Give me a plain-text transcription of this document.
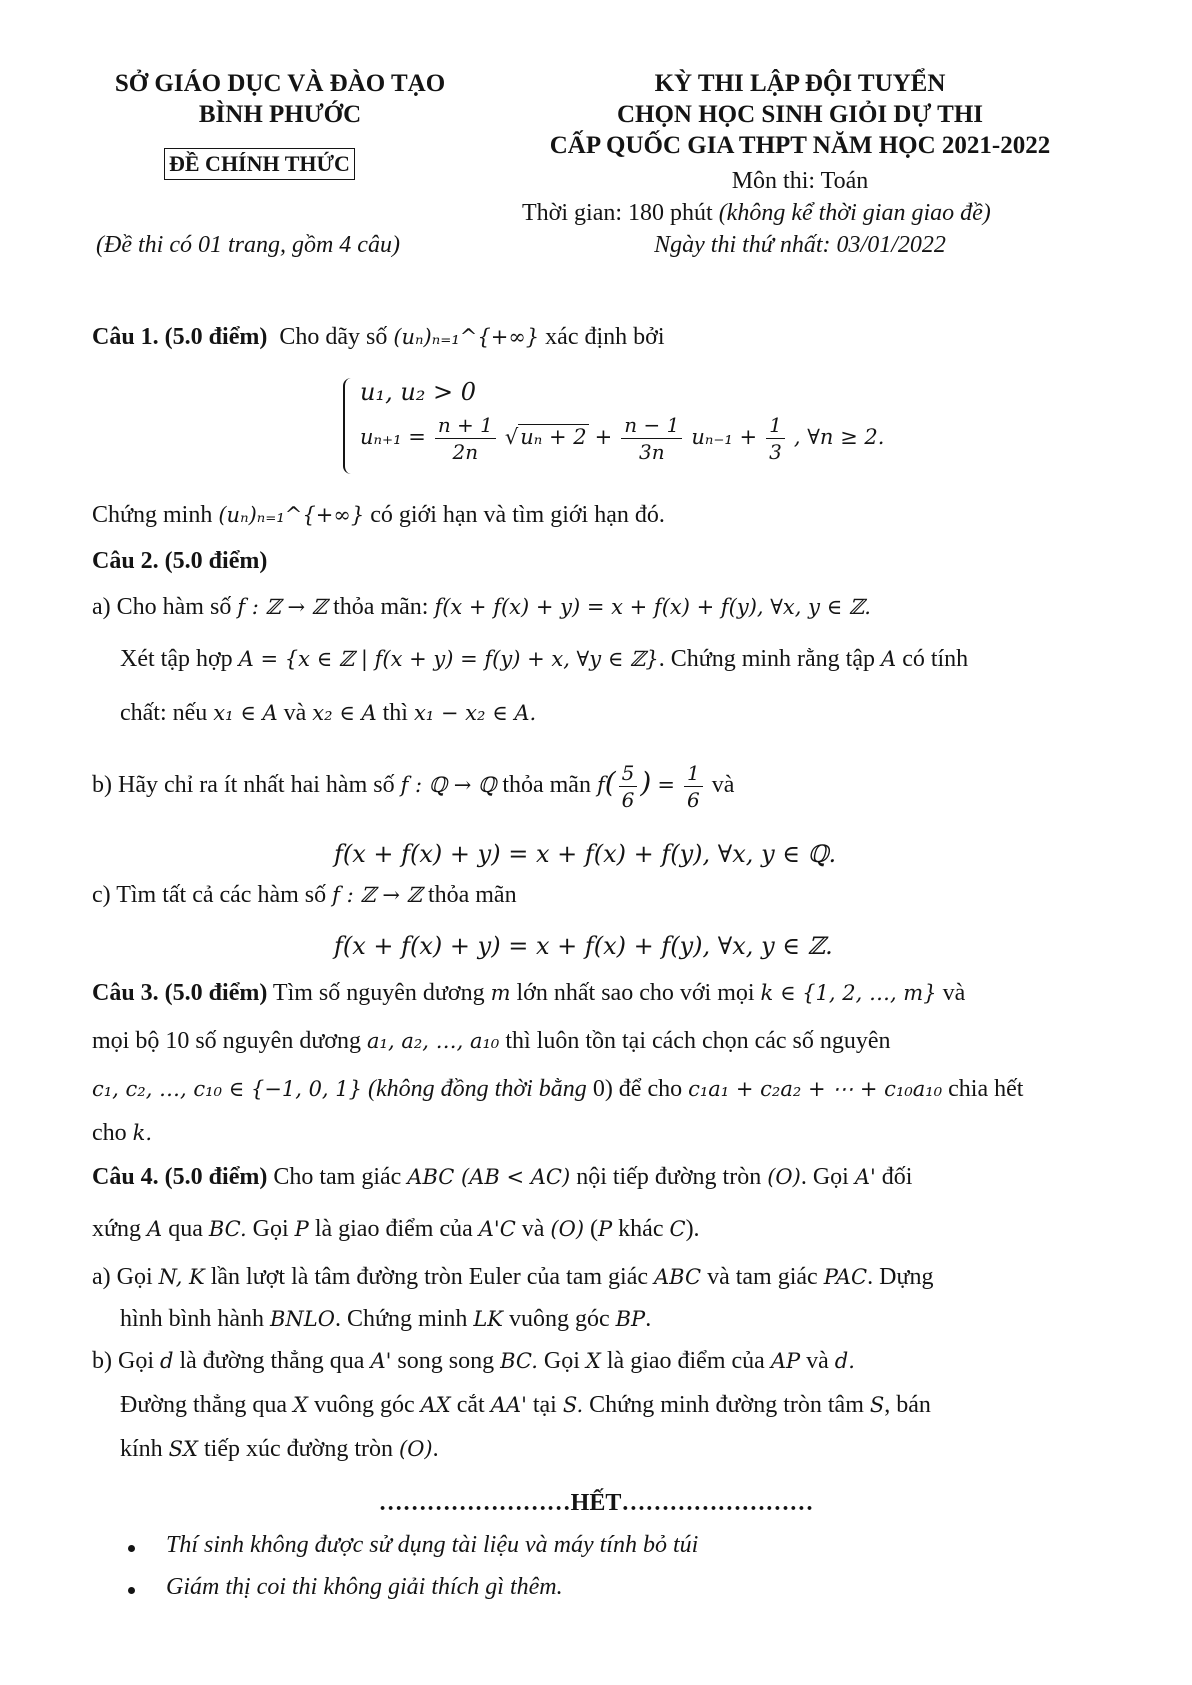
SỞ GIÁO DỤC VÀ ĐÀO TẠO
BÌNH PHƯỚC
ĐỀ CHÍNH THỨC
(Đề thi có 01 trang, gồm 4 câu)
KỲ THI LẬP ĐỘI TUYỂN
CHỌN HỌC SINH GIỎI DỰ THI
CẤP QUỐC GIA THPT NĂM HỌC 2021-2022
Môn thi: Toán
Thời gian: 180 phút (không kể thời gian giao đề)
Ngày thi thứ nhất: 03/01/2022
Câu 1. (5.0 điểm) Cho dãy số (uₙ)ₙ₌₁^{+∞} xác định bởi
u₁, u₂ > 0
$u_{n+1} = \frac{n + 1}{2n} √u_n + 2 + \frac{n - 1}{3n} u_{n-1} + \frac{1}{3}$ , ∀n ≥ 2.
Chứng minh (uₙ)ₙ₌₁^{+∞} có giới hạn và tìm giới hạn đó.
Câu 2. (5.0 điểm)
a) Cho hàm số f : ℤ → ℤ thỏa mãn: f(x + f(x) + y) = x + f(x) + f(y), ∀x, y ∈ ℤ.
Xét tập hợp A = {x ∈ ℤ | f(x + y) = f(y) + x, ∀y ∈ ℤ}. Chứng minh rằng tập A có tính
chất: nếu x₁ ∈ A và x₂ ∈ A thì x₁ − x₂ ∈ A.
b) Hãy chỉ ra ít nhất hai hàm số f : ℚ → ℚ thỏa mãn $f( \frac{5}{6}$ ) = $\frac{1}{6}$ và
f(x + f(x) + y) = x + f(x) + f(y), ∀x, y ∈ ℚ.
c) Tìm tất cả các hàm số f : ℤ → ℤ thỏa mãn
f(x + f(x) + y) = x + f(x) + f(y), ∀x, y ∈ ℤ.
Câu 3. (5.0 điểm) Tìm số nguyên dương m lớn nhất sao cho với mọi k ∈ {1, 2, …, m} và
mọi bộ 10 số nguyên dương a₁, a₂, …, a₁₀ thì luôn tồn tại cách chọn các số nguyên
c₁, c₂, …, c₁₀ ∈ {−1, 0, 1} (không đồng thời bằng 0) để cho c₁a₁ + c₂a₂ + ⋯ + c₁₀a₁₀ chia hết
cho k.
Câu 4. (5.0 điểm) Cho tam giác ABC (AB < AC) nội tiếp đường tròn (O). Gọi A' đối
xứng A qua BC. Gọi P là giao điểm của A'C và (O) (P khác C).
a) Gọi N, K lần lượt là tâm đường tròn Euler của tam giác ABC và tam giác PAC. Dựng
hình bình hành BNLO. Chứng minh LK vuông góc BP.
b) Gọi d là đường thẳng qua A' song song BC. Gọi X là giao điểm của AP và d.
Đường thẳng qua X vuông góc AX cắt AA' tại S. Chứng minh đường tròn tâm S, bán
kính SX tiếp xúc đường tròn (O).
……………………HẾT……………………
Thí sinh không được sử dụng tài liệu và máy tính bỏ túi
Giám thị coi thi không giải thích gì thêm.
